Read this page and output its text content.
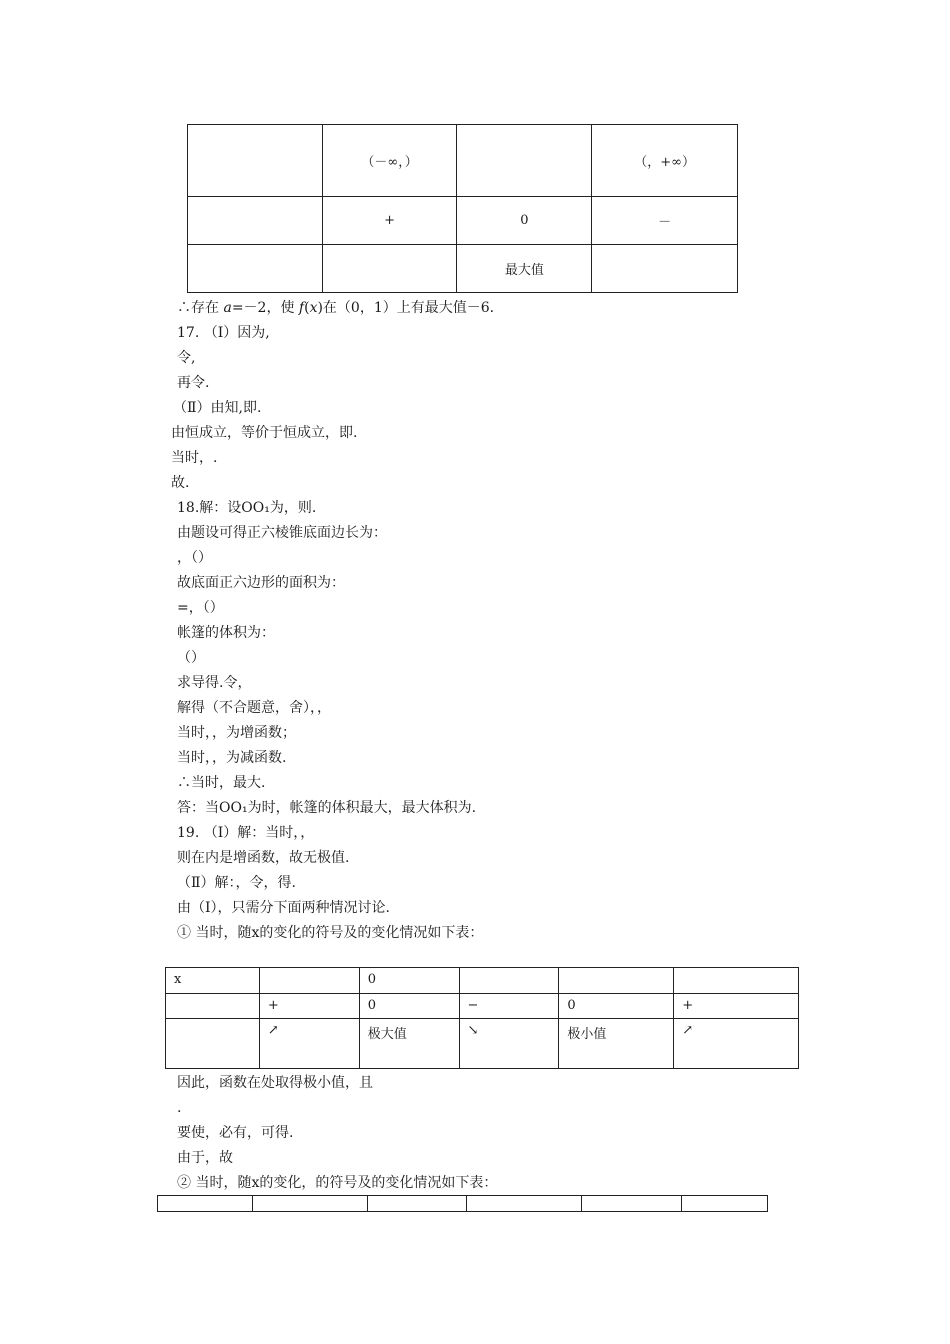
	（－∞，）		（，+∞）
	+	0	－
		最大值	
∴存在 a=－2，使 f(x)在（0，1）上有最大值－6.
17. （Ⅰ）因为,
令,
再令.
（Ⅱ）由知,即.
由恒成立，等价于恒成立，即.
当时，.
故.
18.解：设OO₁为，则.
由题设可得正六棱锥底面边长为：
，（）
故底面正六边形的面积为：
=，（）
帐篷的体积为：
（）
求导得.令，
解得（不合题意，舍），，
当时，，为增函数；
当时，，为减函数.
∴当时，最大.
答：当OO₁为时，帐篷的体积最大，最大体积为.
19. （Ⅰ）解：当时，，
则在内是增函数，故无极值.
（Ⅱ）解：，令，得.
由（Ⅰ），只需分下面两种情况讨论.
① 当时，随x的变化的符号及的变化情况如下表：
x		0			
	+	0	−	0	+
	↗	极大值	↘	极小值	↗
因此，函数在处取得极小值，且
.
要使，必有，可得.
由于，故
② 当时，随x的变化，的符号及的变化情况如下表：
